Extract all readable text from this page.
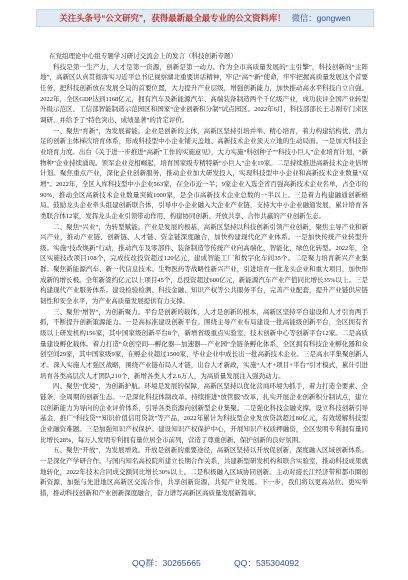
关注头条号“公文研究”，获得最新最全最专业的公文资料库！ 微信：gongwen

在党组理论中心组专题学习研讨交流会上的发言（科技创新专题）

科技是第一生产力，人才是第一资源，创新是第一动力。作为全市高质量发展的“主引擎”，科技创新的“主阵地”，高新区认真贯彻落实习近平总书记视察湖北重要讲话精神，牢记“高”“新”使命，牢牢把握高质量发展这个首要任务，把科技创新放在发展全局的首要位置，大力提升产业层级，增强创新能力，加快推动高水平科技自立自强。2022年，全区GDP达到1168亿元，拥有汽车及新能源汽车、高端装备制造两个千亿级产业，成功获评全国产业转型升级示范区、工信部智能制造示范园区和国家“企业创新积分制”试点园区。2022年6月，科技部部长王志刚专门来区调研，并给予了“特色突出、成绩显著”的肯定评价。

一、聚焦“育新”，为发展蓄能。企业是创新的主体，高新区坚持引培并举、精心培育，着力构建结构优、潜力足的创新主体梯次培育体系，形成科技型中小企业铺天盖地、高新技术企业顶天立地的生动局面。一是加大科技企业培育力度。出台《关于进一步推进“高新”工作的实施意见》，大力实施“科创种子”“科技小巨人”企业培育计划，“新物种”企业持续涌现。领军企业竞相崛起，培育国家级专精特新“小巨人”企业19家。二是持续推进高新技术企业倍增计划。聚焦重点产业，深化企业创新服务，推动企业加大研发投入，实现科技型中小企业和高新技术企业数量“双增”。2022年，全区入库科技型中小企业563家，在全市近一半；9家企业入选全省百强高新技术企业名单，占全市的90%，推动全区高新技术企业数量突破1000家，是全市高新技术企业总数的一半以上。三是着力构建融通创新格局。鼓励龙头企业牵头组建创新联合体，引导中小企业融入大企业产业链，支持大中小企业融通发展，累计培育各类联合体12家，发挥龙头企业引领带动作用，构建协同创新、开放共享、合作共赢的产业创新生态。

二、聚焦“兴业”，为转型赋能。产业是发展的根基，高新区坚持以科技创新引领产业创新，聚焦主导产业和新兴产业，推动产业链、创新链、人才链、资金链深度融合，加快构建现代化产业体系。一是加快传统产业转型升级。实施“技改焕新”行动，推动汽车及零部件、装备制造等传统产业向高端化、智能化、绿色化转型。2022年，全区实施技改项目108个，完成技改投资超过120亿元，建成智能工厂和数字化车间35个。二是聚力培育新兴产业集群。聚焦新能源汽车、新一代信息技术、生物医药等战略性新兴产业，引进培育一批龙头企业和重大项目，加快形成新的增长极。全年新签约亿元以上项目45个，总投资超过600亿元，新能源汽车产业产值同比增长35%以上。三是构建现代产业服务体系。建设检验检测、科技金融、知识产权等公共服务平台，完善产业配套，提升产业链供应链韧性和安全水平，为产业高质量发展提供有力支撑。

三、聚焦“增智”，为创新聚力。平台是创新的载体，人才是创新的根本，高新区坚持平台建设和人才引育两手抓，不断提升创新策源能力。一是高标准建设创新平台。围绕主导产业布局建设一批高能级创新平台，全区拥有省级以上研发机构156家，其中国家级创新平台8个，新增省级重点实验室、技术创新中心等创新平台12家。二是高质量建设孵化载体。着力打造“众创空间—孵化器—加速器—产业园”全链条孵化体系，全区拥有科技企业孵化器和众创空间29家，其中国家级9家，在孵企业超过1500家，毕业企业中成长出一批高新技术企业。三是高水平集聚创新人才。深入实施人才强区战略，围绕产业链布局人才链，出台人才新政，实施“人才+项目+平台”引才模式，累计引进培育各类高层次人才团队210个，新增各类人才2.6万人，为高质量发展注入强劲动力。

四、聚焦“优境”，为创新护航。环境是发展的保障，高新区坚持以优化营商环境为抓手，着力打造全要素、全链条、全周期的创新生态。一是深化科技体制改革。持续推进“放管服”改革，扎实开展企业创新积分制试点，建立以创新能力为导向的企业评价体系，引导各类资源向创新型企业集聚。二是强化科技金融支撑。设立科技创新引导基金，推广“科技贷”“知识价值信用贷款”等产品，2022年累计为科技型企业发放贷款超过80亿元，有效缓解科技型企业融资难题。三是加强知识产权保护。建设知识产权保护中心，开展知识产权质押融资，全区发明专利拥有量同比增长28%，每万人发明专利拥有量位居全市前列，营造了尊重创新、保护创新的良好氛围。

五、聚焦“开放”，为发展增效。开放是创新的重要途径，高新区坚持以开放促创新，深度融入区域创新体系。一是深化产学研合作。与国内知名高校院所建立长期合作关系，共建新型研发机构和联合实验室，推动科技成果就地转化，2022年技术合同成交额同比增长30%以上。二是积极融入区域协同创新。主动对接长江经济带和都市圈创新资源，加强与先进地区高新区交流合作，共享创新资源，共促产业发展。下一步，我们将以更高站位、更实举措，推动科技创新和产业创新深度融合，奋力谱写高新区高质量发展新篇章。

QQ群：30265665	QQ：535304092
